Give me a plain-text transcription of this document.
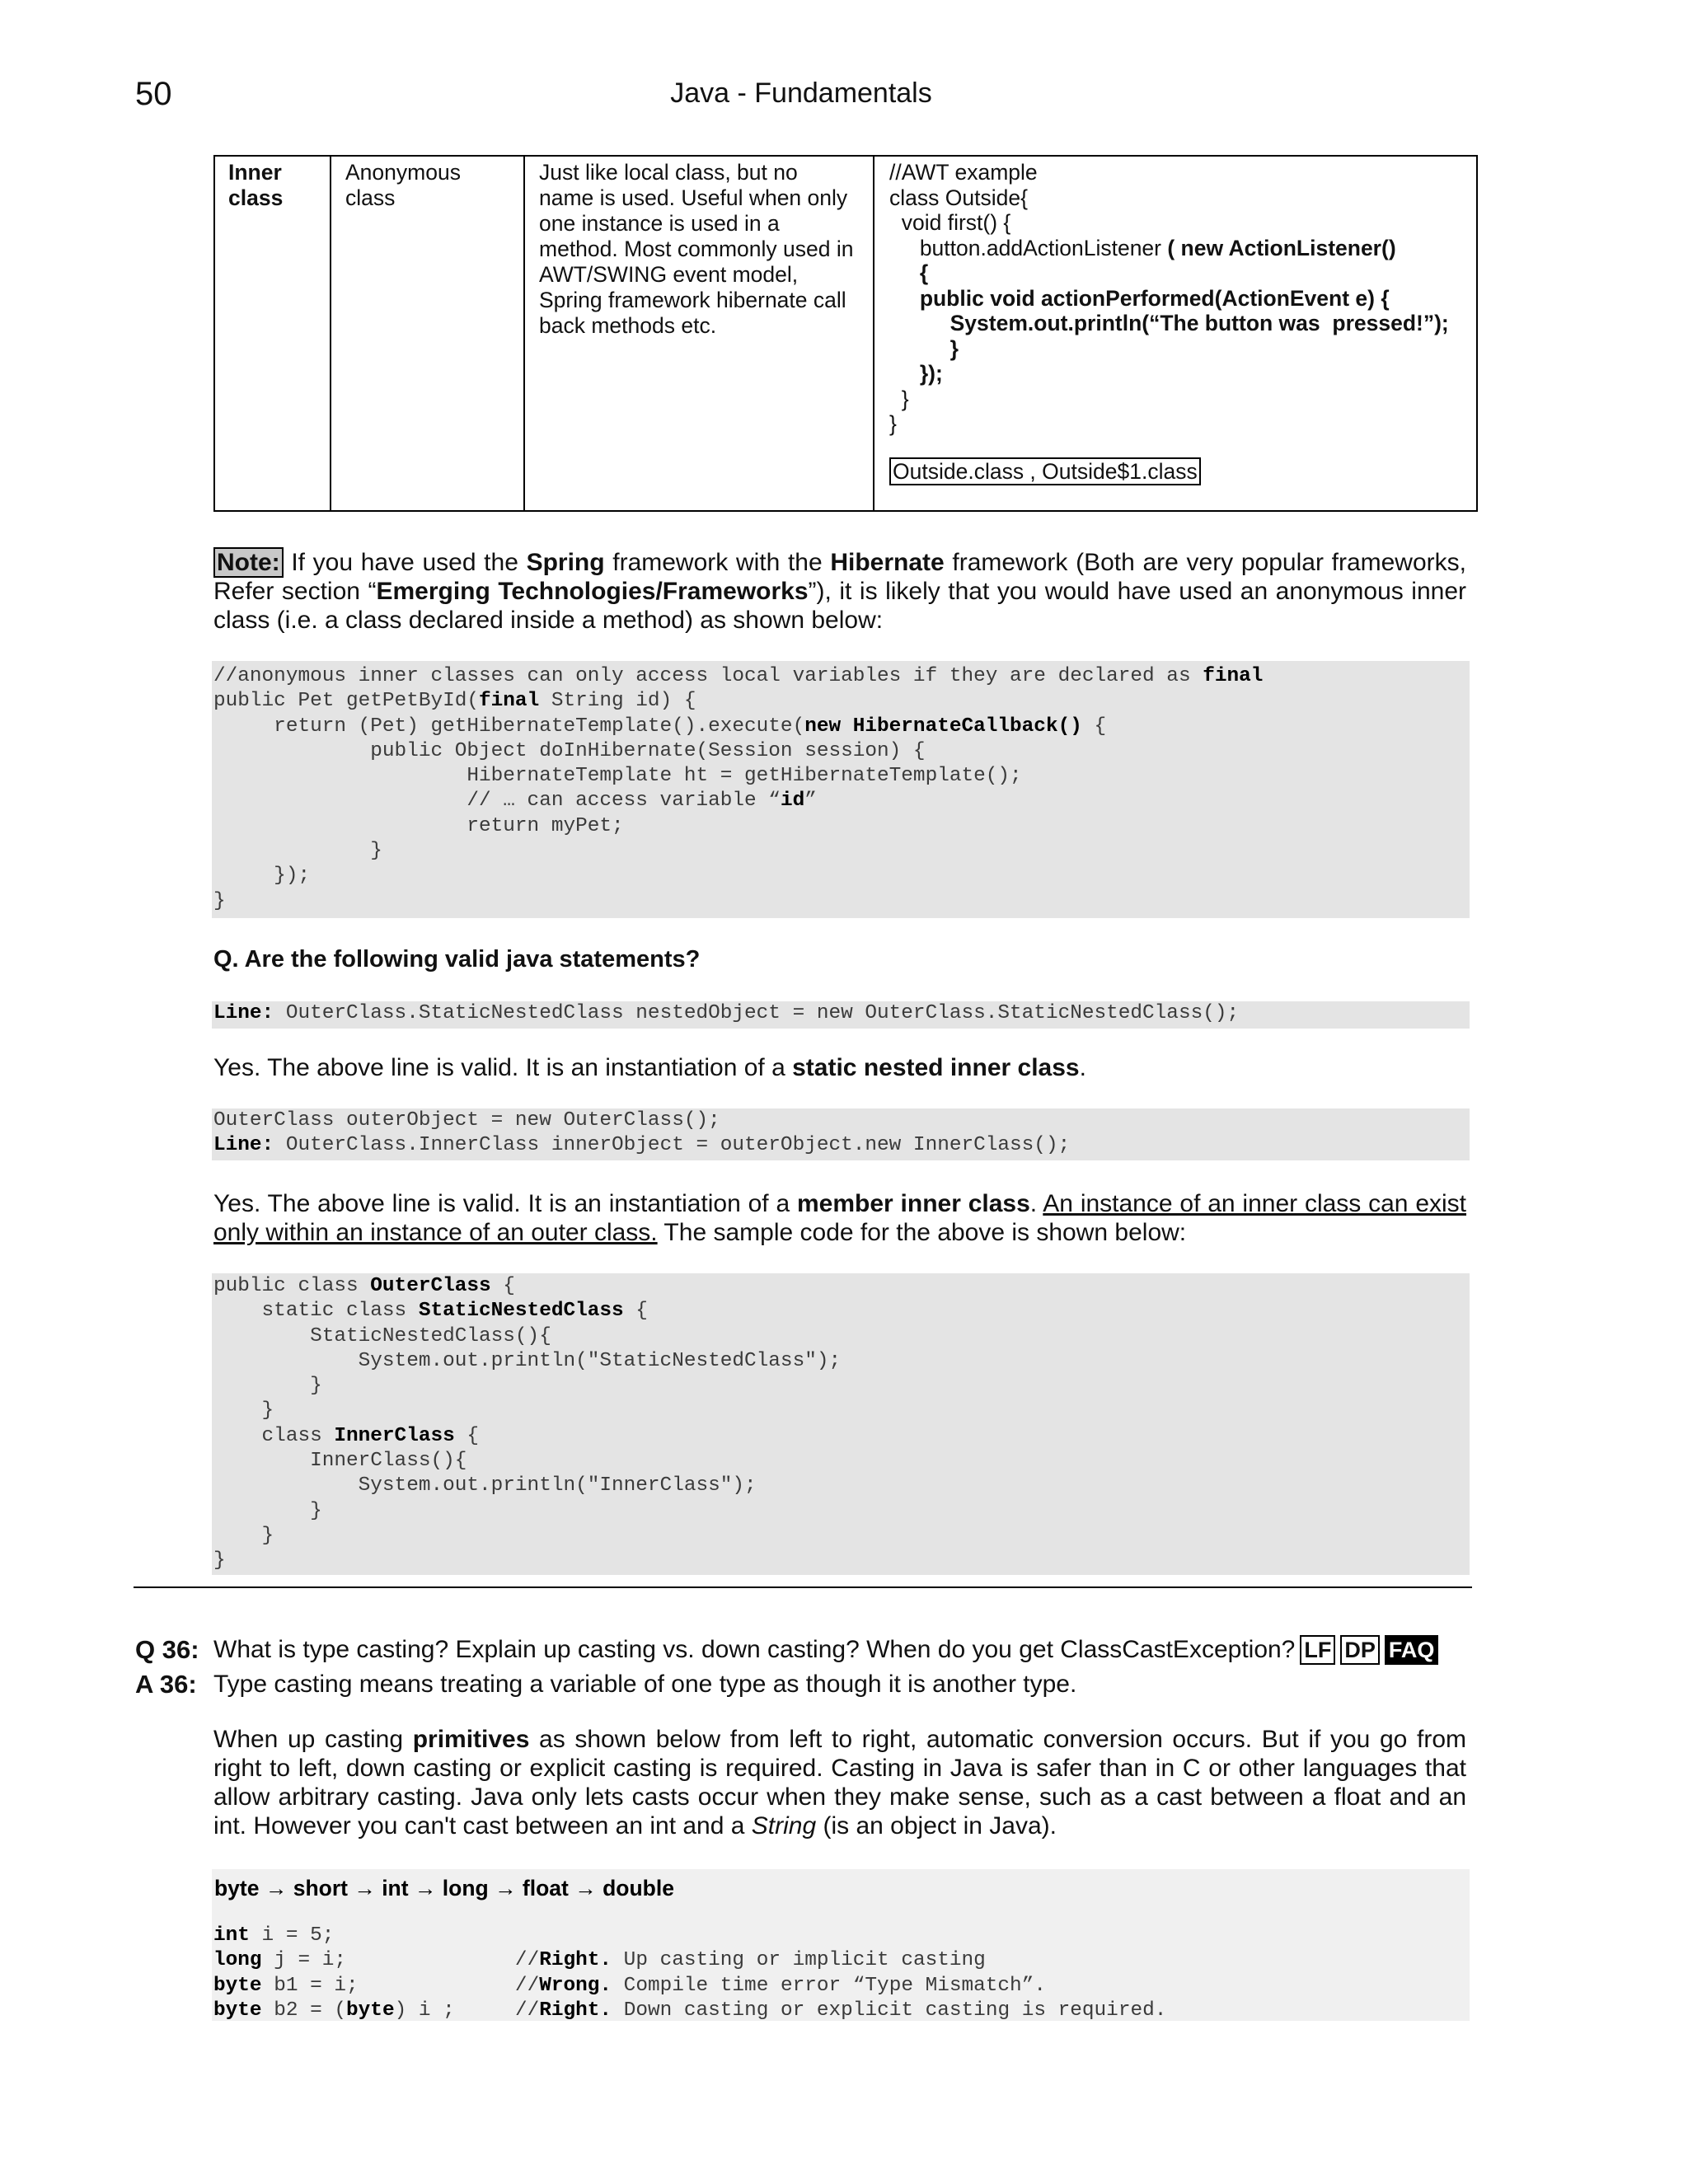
50	Java - Fundamentals
Inner
class
Anonymous
class
Just like local class, but no
name is used. Useful when only
one instance is used in a
method. Most commonly used in
AWT/SWING event model,
Spring framework hibernate call
back methods etc.
//AWT example
class Outside{
void first() {
button.addActionListener ( new ActionListener()
{
public void actionPerformed(ActionEvent e) {
System.out.println(“The button was  pressed!”);
}
});
}
}
Outside.class , Outside$1.class
Note: If you have used the Spring framework with the Hibernate framework (Both are very popular frameworks, Refer section “Emerging Technologies/Frameworks”), it is likely that you would have used an anonymous inner class (i.e. a class declared inside a method) as shown below:
//anonymous inner classes can only access local variables if they are declared as final
public Pet getPetById(final String id) {
return (Pet) getHibernateTemplate().execute(new HibernateCallback() {
public Object doInHibernate(Session session) {
HibernateTemplate ht = getHibernateTemplate();
// … can access variable “id”
return myPet;
}
});
}
Q. Are the following valid java statements?
Line: OuterClass.StaticNestedClass nestedObject = new OuterClass.StaticNestedClass();
Yes. The above line is valid. It is an instantiation of a static nested inner class.
OuterClass outerObject = new OuterClass();
Line: OuterClass.InnerClass innerObject = outerObject.new InnerClass();
Yes. The above line is valid. It is an instantiation of a member inner class. An instance of an inner class can exist only within an instance of an outer class. The sample code for the above is shown below:
public class OuterClass {
static class StaticNestedClass {
StaticNestedClass(){
System.out.println("StaticNestedClass");
}
}
class InnerClass {
InnerClass(){
System.out.println("InnerClass");
}
}
}
Q 36: What is type casting? Explain up casting vs. down casting? When do you get ClassCastException? LF DP FAQ
A 36: Type casting means treating a variable of one type as though it is another type.
When up casting primitives as shown below from left to right, automatic conversion occurs. But if you go from right to left, down casting or explicit casting is required. Casting in Java is safer than in C or other languages that allow arbitrary casting. Java only lets casts occur when they make sense, such as a cast between a float and an int. However you can't cast between an int and a String (is an object in Java).
byte → short → int → long → float → double
int i = 5;
long j = i;              //Right. Up casting or implicit casting
byte b1 = i;             //Wrong. Compile time error “Type Mismatch”.
byte b2 = (byte) i ;     //Right. Down casting or explicit casting is required.
